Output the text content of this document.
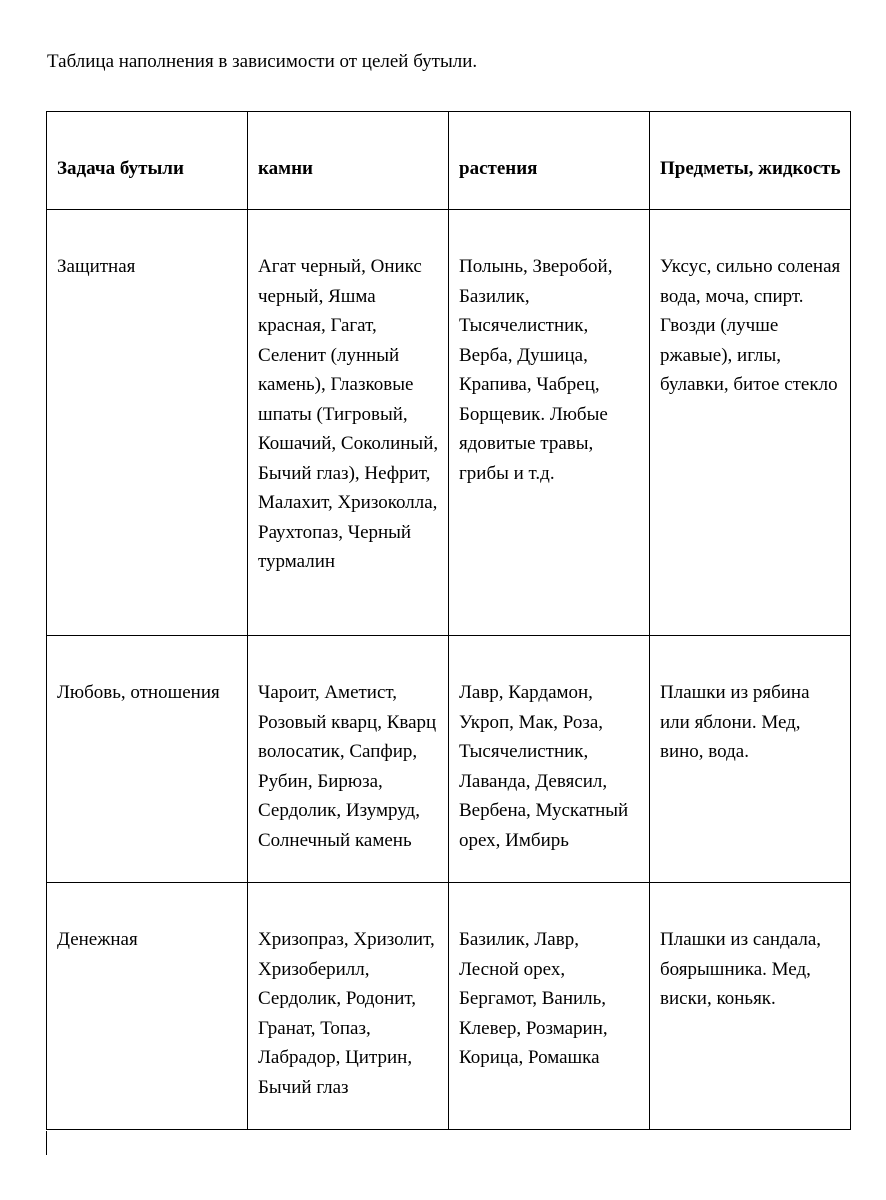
Таблица наполнения в зависимости от целей бутыли.
Задача бутыли	камни	растения	Предметы, жидкость
Защитная	Агат черный, Оникс черный, Яшма красная, Гагат, Селенит (лунный камень), Глазковые шпаты (Тигровый, Кошачий, Соколиный, Бычий глаз), Нефрит, Малахит, Хризоколла, Раухтопаз, Черный турмалин	Полынь, Зверобой, Базилик, Тысячелистник, Верба, Душица, Крапива, Чабрец, Борщевик. Любые ядовитые травы, грибы и т.д.	Уксус, сильно соленая вода, моча, спирт. Гвозди (лучше ржавые), иглы, булавки, битое стекло
Любовь, отношения	Чароит, Аметист, Розовый кварц, Кварц волосатик, Сапфир, Рубин, Бирюза, Сердолик, Изумруд, Солнечный камень	Лавр, Кардамон, Укроп, Мак, Роза, Тысячелистник, Лаванда, Девясил, Вербена, Мускатный орех, Имбирь	Плашки из рябина или яблони. Мед, вино, вода.
Денежная	Хризопраз, Хризолит, Хризоберилл, Сердолик, Родонит, Гранат, Топаз, Лабрадор, Цитрин, Бычий глаз	Базилик, Лавр, Лесной орех, Бергамот, Ваниль, Клевер, Розмарин, Корица, Ромашка	Плашки из сандала, боярышника. Мед, виски, коньяк.
